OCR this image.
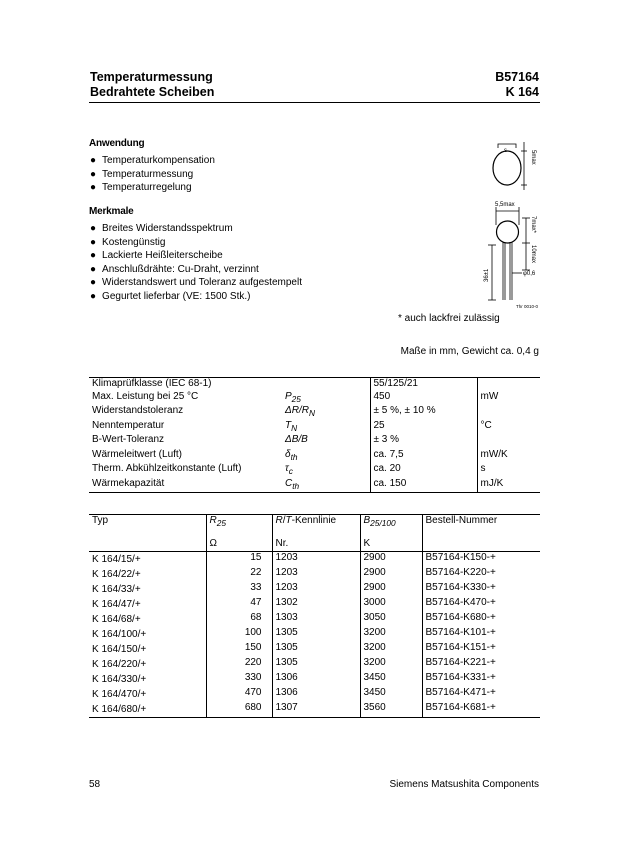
Temperaturmessung
Bedrahtete Scheiben
B57164
K 164
Anwendung
● Temperaturkompensation
● Temperaturmessung
● Temperaturregelung
Merkmale
● Breites Widerstandsspektrum
● Kostengünstig
● Lackierte Heißleiterscheibe
● Anschlußdrähte: Cu-Draht, verzinnt
● Widerstandswert und Toleranz aufgestempelt
● Gegurtet lieferbar (VE: 1500 Stk.)
s	5max
5,5max
7max*
10max
36±1	φ0,6
Thr 0010-0
* auch lackfrei zulässig
Maße in mm, Gewicht ca. 0,4 g
Klimaprüfklasse (IEC 68-1)		55/125/21	
Max. Leistung bei 25 °C	$P_{25}$	450	mW
Widerstandstoleranz	$\Delta R/R_N$	± 5 %, ± 10 %	
Nenntemperatur	$T_N$	25	°C
B-Wert-Toleranz	ΔB/B	± 3 %	
Wärmeleitwert (Luft)	$\delta_{th}$	ca. 7,5	mW/K
Therm. Abkühlzeitkonstante (Luft)	$\tau_c$	ca. 20	s
Wärmekapazität	$C_{th}$	ca. 150	mJ/K
Typ	$R_{25}$	R/T-Kennlinie	$B_{25/100}$	Bestell-Nummer
	Ω	Nr.	K	
K 164/15/+	15	1203	2900	B57164-K150-+
K 164/22/+	22	1203	2900	B57164-K220-+
K 164/33/+	33	1203	2900	B57164-K330-+
K 164/47/+	47	1302	3000	B57164-K470-+
K 164/68/+	68	1303	3050	B57164-K680-+
K 164/100/+	100	1305	3200	B57164-K101-+
K 164/150/+	150	1305	3200	B57164-K151-+
K 164/220/+	220	1305	3200	B57164-K221-+
K 164/330/+	330	1306	3450	B57164-K331-+
K 164/470/+	470	1306	3450	B57164-K471-+
K 164/680/+	680	1307	3560	B57164-K681-+
58	Siemens Matsushita Components
